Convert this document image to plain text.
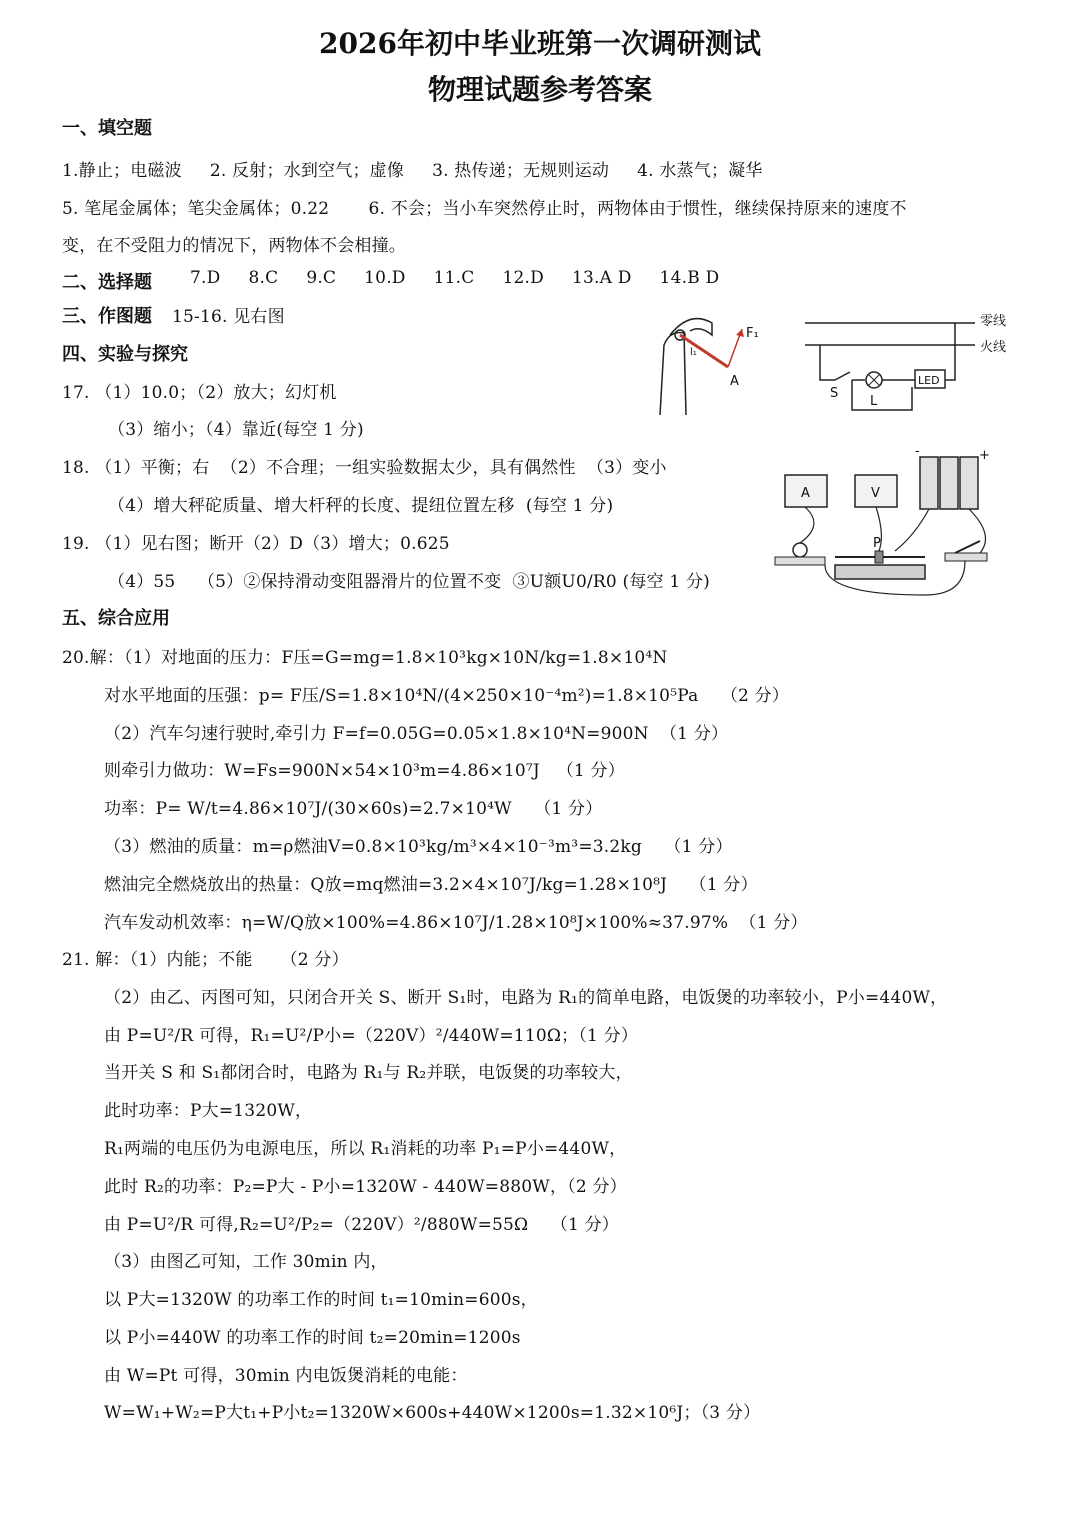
2026年初中毕业班第一次调研测试
物理试题参考答案
一、填空题
1.静止；电磁波     2. 反射；水到空气；虚像     3. 热传递；无规则运动     4. 水蒸气；凝华
5. 笔尾金属体；笔尖金属体；0.22       6. 不会；当小车突然停止时，两物体由于惯性，继续保持原来的速度不
变，在不受阻力的情况下，两物体不会相撞。
二、选择题 7.D     8.C     9.C     10.D     11.C     12.D     13.A D     14.B D
三、作图题 15-16. 见右图
四、实验与探究
17. （1）10.0；（2）放大；幻灯机
（3）缩小；（4）靠近(每空 1 分)
18. （1）平衡；右  （2）不合理；一组实验数据太少，具有偶然性  （3）变小
（4）增大秤砣质量、增大杆秤的长度、提纽位置左移  (每空 1 分)
19. （1）见右图；断开（2）D（3）增大；0.625
（4）55    （5）②保持滑动变阻器滑片的位置不变  ③U额U0/R0 (每空 1 分)
五、综合应用
20.解：（1）对地面的压力：F压=G=mg=1.8×10³kg×10N/kg=1.8×10⁴N
对水平地面的压强：p= F压/S=1.8×10⁴N/(4×250×10⁻⁴m²)=1.8×10⁵Pa    （2 分）
（2）汽车匀速行驶时,牵引力 F=f=0.05G=0.05×1.8×10⁴N=900N  （1 分）
则牵引力做功：W=Fs=900N×54×10³m=4.86×10⁷J   （1 分）
功率：P= W/t=4.86×10⁷J/(30×60s)=2.7×10⁴W    （1 分）
（3）燃油的质量：m=ρ燃油V=0.8×10³kg/m³×4×10⁻³m³=3.2kg    （1 分）
燃油完全燃烧放出的热量：Q放=mq燃油=3.2×4×10⁷J/kg=1.28×10⁸J    （1 分）
汽车发动机效率：η=W/Q放×100%=4.86×10⁷J/1.28×10⁸J×100%≈37.97%  （1 分）
21. 解：（1）内能；不能     （2 分）
（2）由乙、丙图可知，只闭合开关 S、断开 S₁时，电路为 R₁的简单电路，电饭煲的功率较小，P小=440W，
由 P=U²/R 可得，R₁=U²/P小=（220V）²/440W=110Ω；（1 分）
当开关 S 和 S₁都闭合时，电路为 R₁与 R₂并联，电饭煲的功率较大，
此时功率：P大=1320W，
R₁两端的电压仍为电源电压，所以 R₁消耗的功率 P₁=P小=440W，
此时 R₂的功率：P₂=P大 - P小=1320W - 440W=880W，（2 分）
由 P=U²/R 可得,R₂=U²/P₂=（220V）²/880W=55Ω    （1 分）
（3）由图乙可知，工作 30min 内，
以 P大=1320W 的功率工作的时间 t₁=10min=600s，
以 P小=440W 的功率工作的时间 t₂=20min=1200s
由 W=Pt 可得，30min 内电饭煲消耗的电能：
W=W₁+W₂=P大t₁+P小t₂=1320W×600s+440W×1200s=1.32×10⁶J；（3 分）
F₁
A
l₁
零线
火线
LED
S
L
A	V
-	+
P
